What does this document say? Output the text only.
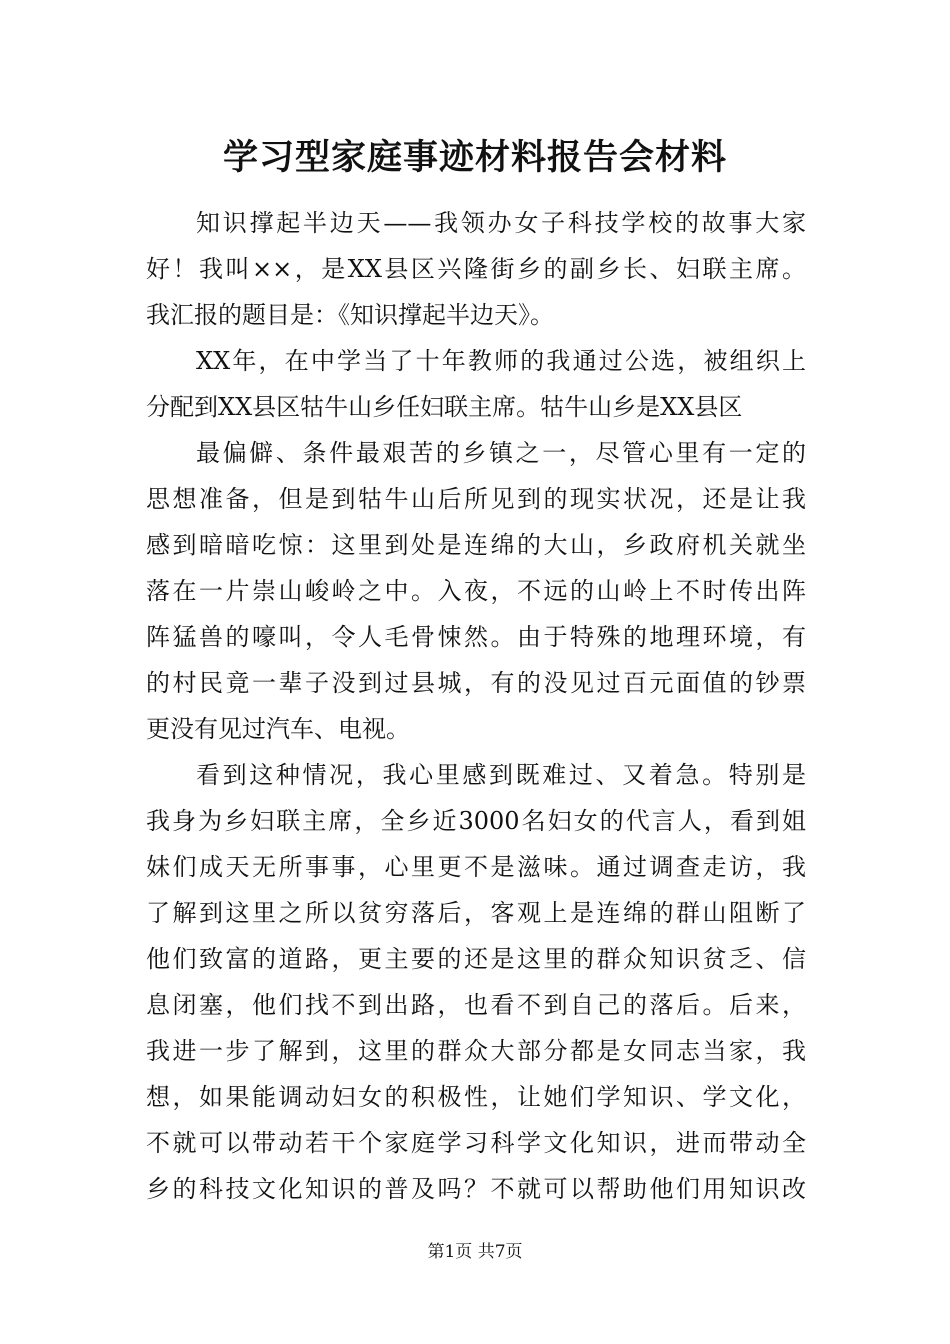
学习型家庭事迹材料报告会材料
知识撑起半边天——我领办女子科技学校的故事大家
好！我叫××，是XX县区兴隆街乡的副乡长、妇联主席。
我汇报的题目是：《知识撑起半边天》。
XX年，在中学当了十年教师的我通过公选，被组织上
分配到XX县区牯牛山乡任妇联主席。牯牛山乡是XX县区
最偏僻、条件最艰苦的乡镇之一，尽管心里有一定的
思想准备，但是到牯牛山后所见到的现实状况，还是让我
感到暗暗吃惊：这里到处是连绵的大山，乡政府机关就坐
落在一片崇山峻岭之中。入夜，不远的山岭上不时传出阵
阵猛兽的嚎叫，令人毛骨悚然。由于特殊的地理环境，有
的村民竟一辈子没到过县城，有的没见过百元面值的钞票
更没有见过汽车、电视。
看到这种情况，我心里感到既难过、又着急。特别是
我身为乡妇联主席，全乡近3000名妇女的代言人，看到姐
妹们成天无所事事，心里更不是滋味。通过调查走访，我
了解到这里之所以贫穷落后，客观上是连绵的群山阻断了
他们致富的道路，更主要的还是这里的群众知识贫乏、信
息闭塞，他们找不到出路，也看不到自己的落后。后来，
我进一步了解到，这里的群众大部分都是女同志当家，我
想，如果能调动妇女的积极性，让她们学知识、学文化，
不就可以带动若干个家庭学习科学文化知识，进而带动全
乡的科技文化知识的普及吗？不就可以帮助他们用知识改
第1页 共7页
